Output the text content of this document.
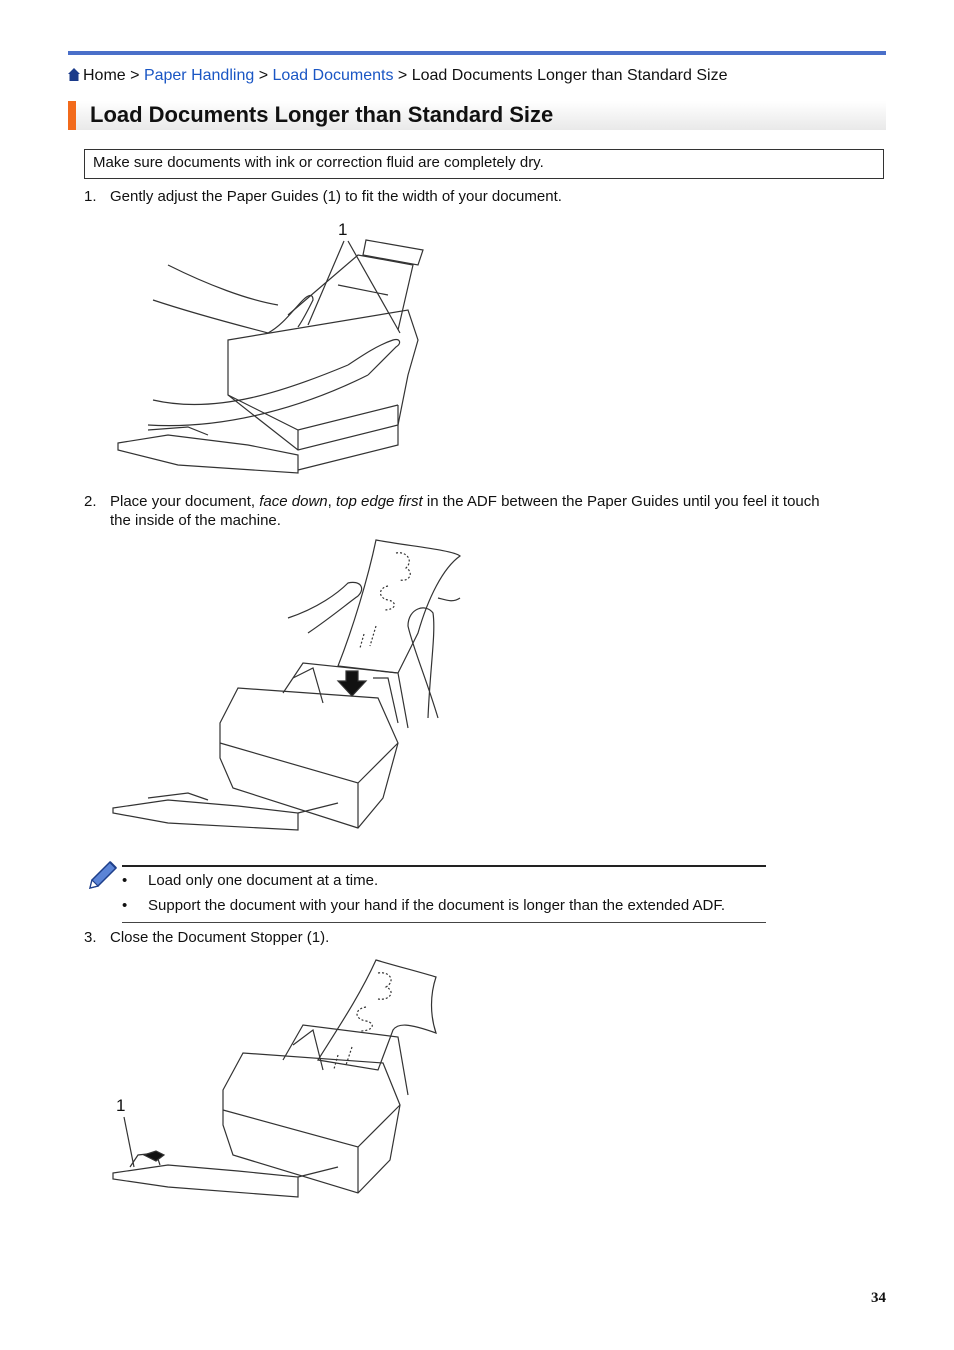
Home > Paper Handling > Load Documents > Load Documents Longer than Standard Size
Load Documents Longer than Standard Size
Make sure documents with ink or correction fluid are completely dry.
1. Gently adjust the Paper Guides (1) to fit the width of your document.
1
2. Place your document, face down, top edge first in the ADF between the Paper Guides until you feel it touch
the inside of the machine.
• Load only one document at a time.
• Support the document with your hand if the document is longer than the extended ADF.
3. Close the Document Stopper (1).
1
34
